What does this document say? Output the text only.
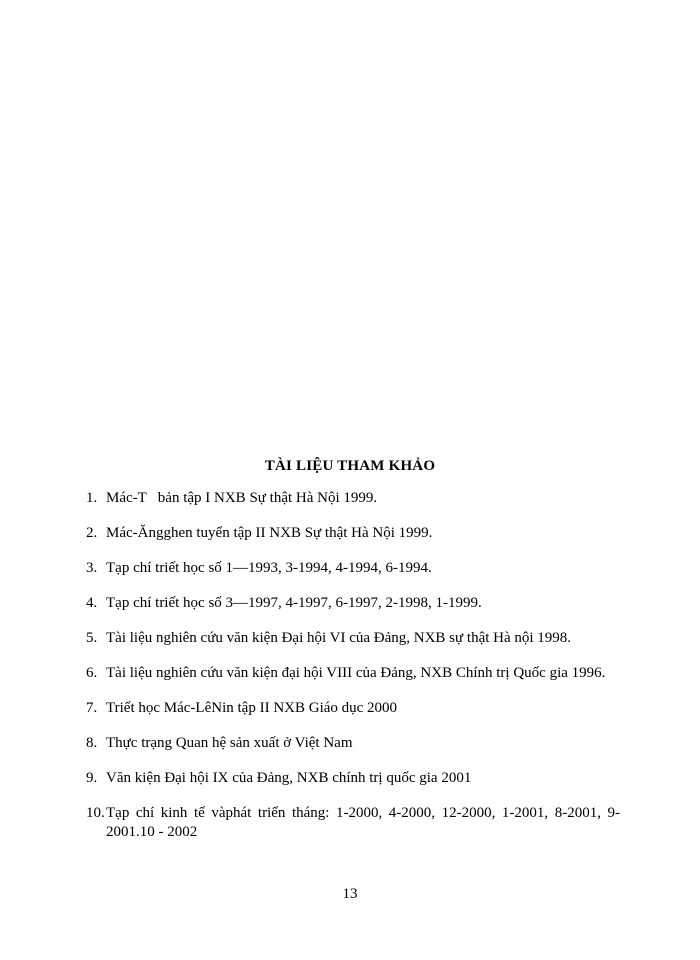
TÀI LIỆU THAM KHẢO
1. Mác-T   bản tập I NXB Sự thật Hà Nội 1999.
2. Mác-Ăngghen tuyển tập II NXB Sự thật Hà Nội 1999.
3. Tạp chí triết học số 1—1993, 3-1994, 4-1994, 6-1994.
4. Tạp chí triết học số 3—1997, 4-1997, 6-1997, 2-1998, 1-1999.
5. Tài liệu nghiên cứu văn kiện Đại hội VI của Đảng, NXB sự thật Hà nội 1998.
6. Tài liệu nghiên cứu văn kiện đại hội VIII của Đảng, NXB Chính trị Quốc gia 1996.
7. Triết học Mác-LêNin tập II NXB Giáo dục 2000
8. Thực trạng Quan hệ sản xuất ở Việt Nam
9. Văn kiện Đại hội IX của Đảng, NXB chính trị quốc gia 2001
10. Tạp chí kinh tế vàphát triển tháng: 1-2000, 4-2000, 12-2000, 1-2001, 8-2001, 9-2001.10 - 2002
13
